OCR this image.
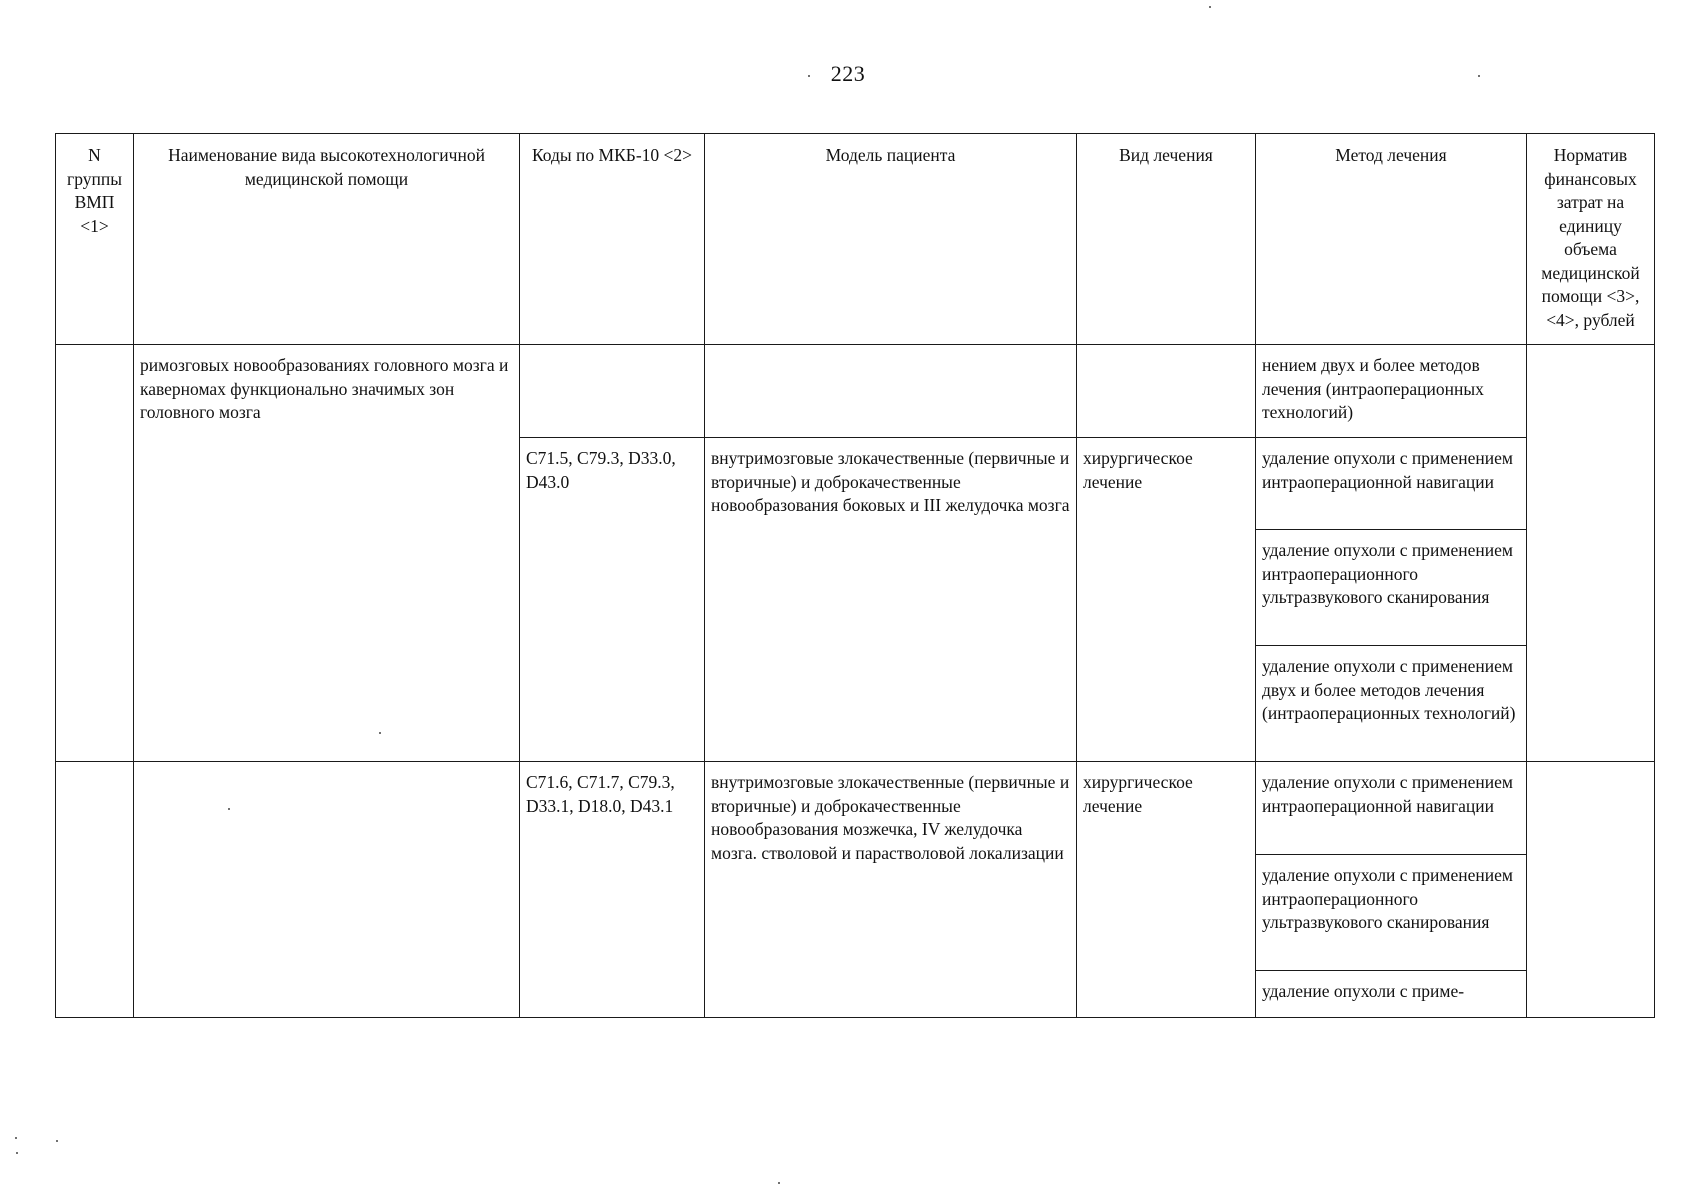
223
N группы ВМП <1>	Наименование вида высокотехнологичной медицинской помощи	Коды по МКБ-10 <2>	Модель пациента	Вид лечения	Метод лечения	Норматив финансовых затрат на единицу объема медицинской помощи <3>, <4>, рублей
	римозговых новообразованиях головного мозга и каверномах функционально значимых зон головного мозга				нением двух и более методов лечения (интраоперационных технологий)	
		C71.5, C79.3, D33.0, D43.0	внутримозговые злокачественные (первичные и вторичные) и доброкачественные новообразования боковых и III желудочка мозга	хирургическое лечение	удаление опухоли с применением интраоперационной навигации	
					удаление опухоли с применением интраоперационного ультразвукового сканирования	
					удаление опухоли с применением двух и более методов лечения (интраоперационных технологий)	
		C71.6, C71.7, C79.3, D33.1, D18.0, D43.1	внутримозговые злокачественные (первичные и вторичные) и доброкачественные новообразования мозжечка, IV желудочка мозга. стволовой и парастволовой локализации	хирургическое лечение	удаление опухоли с применением интраоперационной навигации	
					удаление опухоли с применением интраоперационного ультразвукового сканирования	
					удаление опухоли с приме-	
